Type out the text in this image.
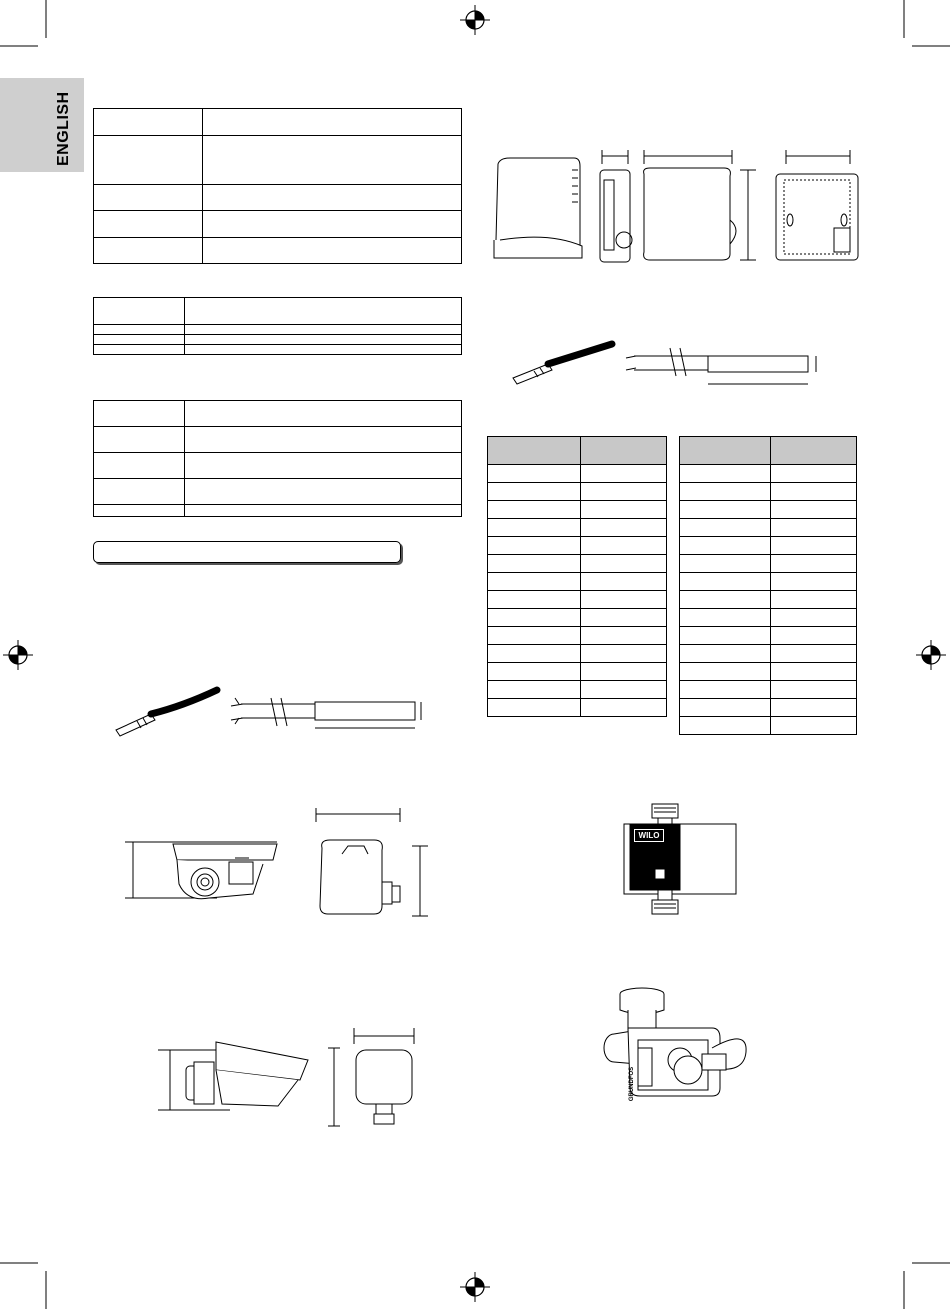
ENGLISH

WILO
GRUNDFOS
